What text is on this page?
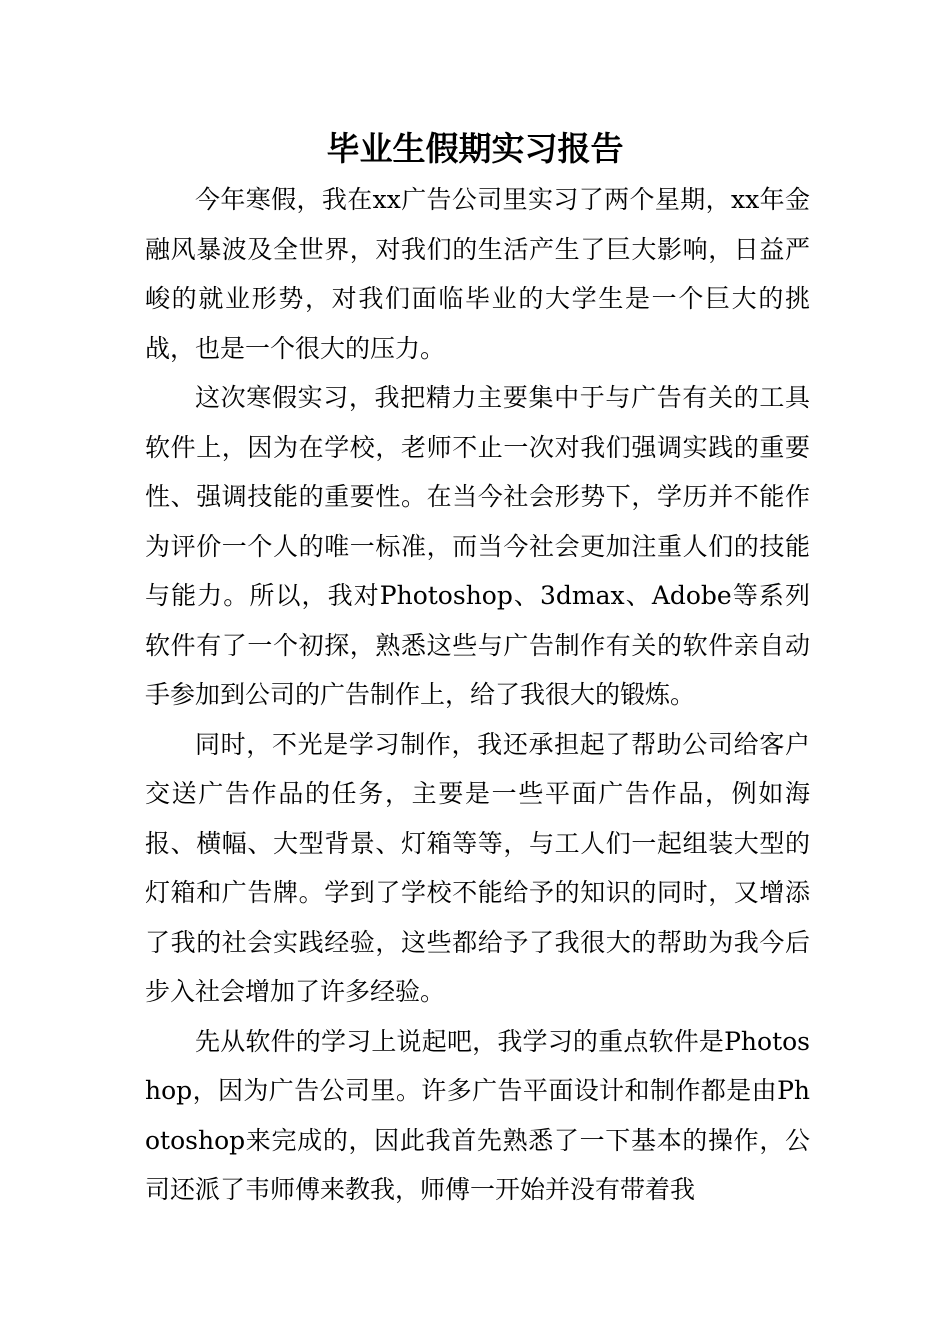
毕业生假期实习报告

今年寒假，我在xx广告公司里实习了两个星期，xx年金融风暴波及全世界，对我们的生活产生了巨大影响，日益严峻的就业形势，对我们面临毕业的大学生是一个巨大的挑战，也是一个很大的压力。

这次寒假实习，我把精力主要集中于与广告有关的工具软件上，因为在学校，老师不止一次对我们强调实践的重要性、强调技能的重要性。在当今社会形势下，学历并不能作为评价一个人的唯一标准，而当今社会更加注重人们的技能与能力。所以，我对Photoshop、3dmax、Adobe等系列软件有了一个初探，熟悉这些与广告制作有关的软件亲自动手参加到公司的广告制作上，给了我很大的锻炼。

同时，不光是学习制作，我还承担起了帮助公司给客户交送广告作品的任务，主要是一些平面广告作品，例如海报、横幅、大型背景、灯箱等等，与工人们一起组装大型的灯箱和广告牌。学到了学校不能给予的知识的同时，又增添了我的社会实践经验，这些都给予了我很大的帮助为我今后步入社会增加了许多经验。

先从软件的学习上说起吧，我学习的重点软件是Photoshop，因为广告公司里。许多广告平面设计和制作都是由Photoshop来完成的，因此我首先熟悉了一下基本的操作，公司还派了韦师傅来教我，师傅一开始并没有带着我
